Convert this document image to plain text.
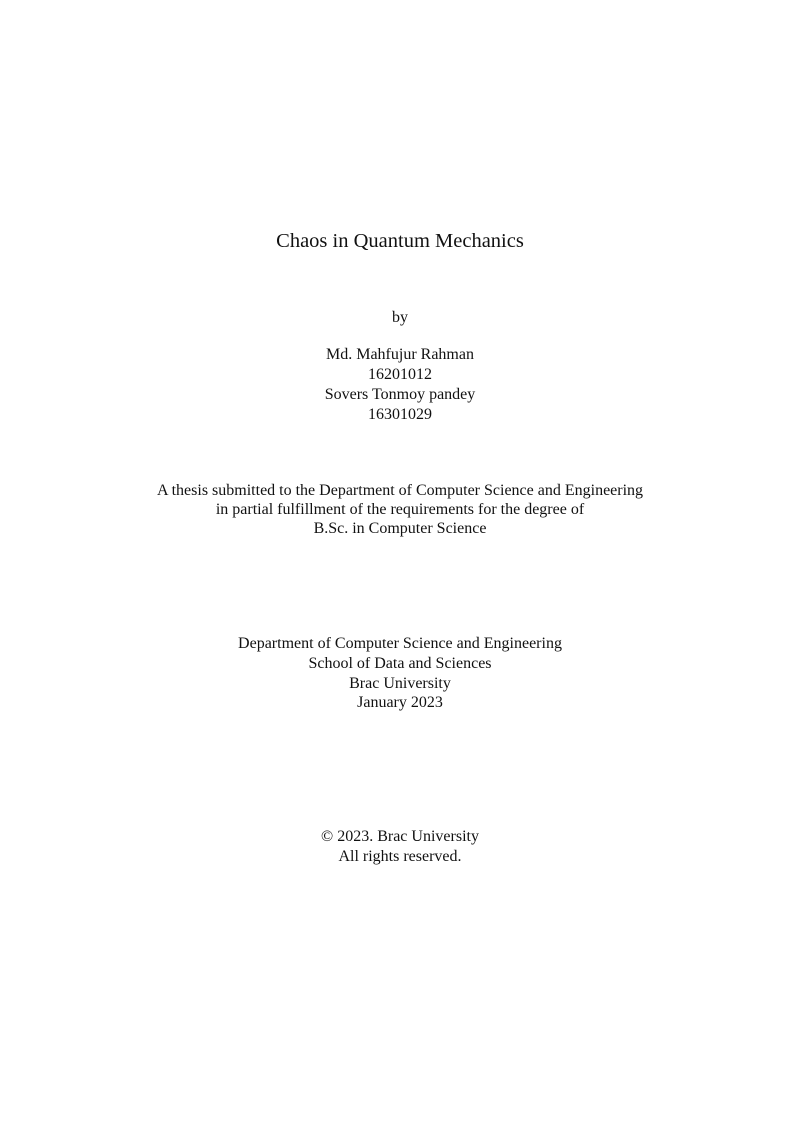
Chaos in Quantum Mechanics
by
Md. Mahfujur Rahman
16201012
Sovers Tonmoy pandey
16301029
A thesis submitted to the Department of Computer Science and Engineering
in partial fulfillment of the requirements for the degree of
B.Sc. in Computer Science
Department of Computer Science and Engineering
School of Data and Sciences
Brac University
January 2023
© 2023. Brac University
All rights reserved.
